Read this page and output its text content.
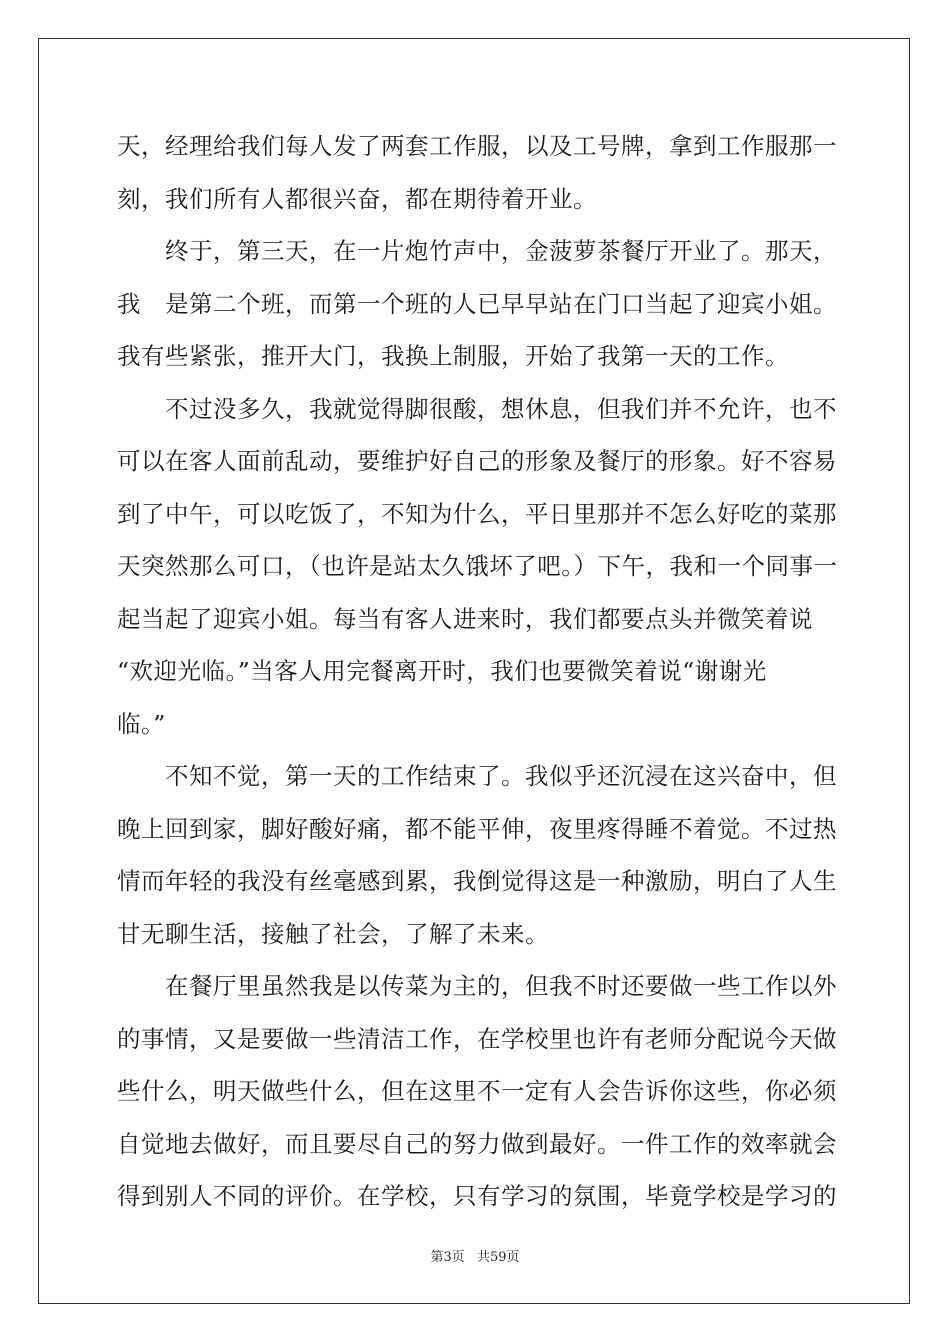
天，经理给我们每人发了两套工作服，以及工号牌，拿到工作服那一
刻，我们所有人都很兴奋，都在期待着开业。
终于，第三天，在一片炮竹声中，金菠萝茶餐厅开业了。那天，
我　是第二个班，而第一个班的人已早早站在门口当起了迎宾小姐。
我有些紧张，推开大门，我换上制服，开始了我第一天的工作。
不过没多久，我就觉得脚很酸，想休息，但我们并不允许，也不
可以在客人面前乱动，要维护好自己的形象及餐厅的形象。好不容易
到了中午，可以吃饭了，不知为什么，平日里那并不怎么好吃的菜那
天突然那么可口，（也许是站太久饿坏了吧。）下午，我和一个同事一
起当起了迎宾小姐。每当有客人进来时，我们都要点头并微笑着说
“欢迎光临。”当客人用完餐离开时，我们也要微笑着说“谢谢光
临。”
不知不觉，第一天的工作结束了。我似乎还沉浸在这兴奋中，但
晚上回到家，脚好酸好痛，都不能平伸，夜里疼得睡不着觉。不过热
情而年轻的我没有丝毫感到累，我倒觉得这是一种激励，明白了人生
甘无聊生活，接触了社会，了解了未来。
在餐厅里虽然我是以传菜为主的，但我不时还要做一些工作以外
的事情，又是要做一些清洁工作，在学校里也许有老师分配说今天做
些什么，明天做些什么，但在这里不一定有人会告诉你这些，你必须
自觉地去做好，而且要尽自己的努力做到最好。一件工作的效率就会
得到别人不同的评价。在学校，只有学习的氛围，毕竟学校是学习的
第3页 共59页
